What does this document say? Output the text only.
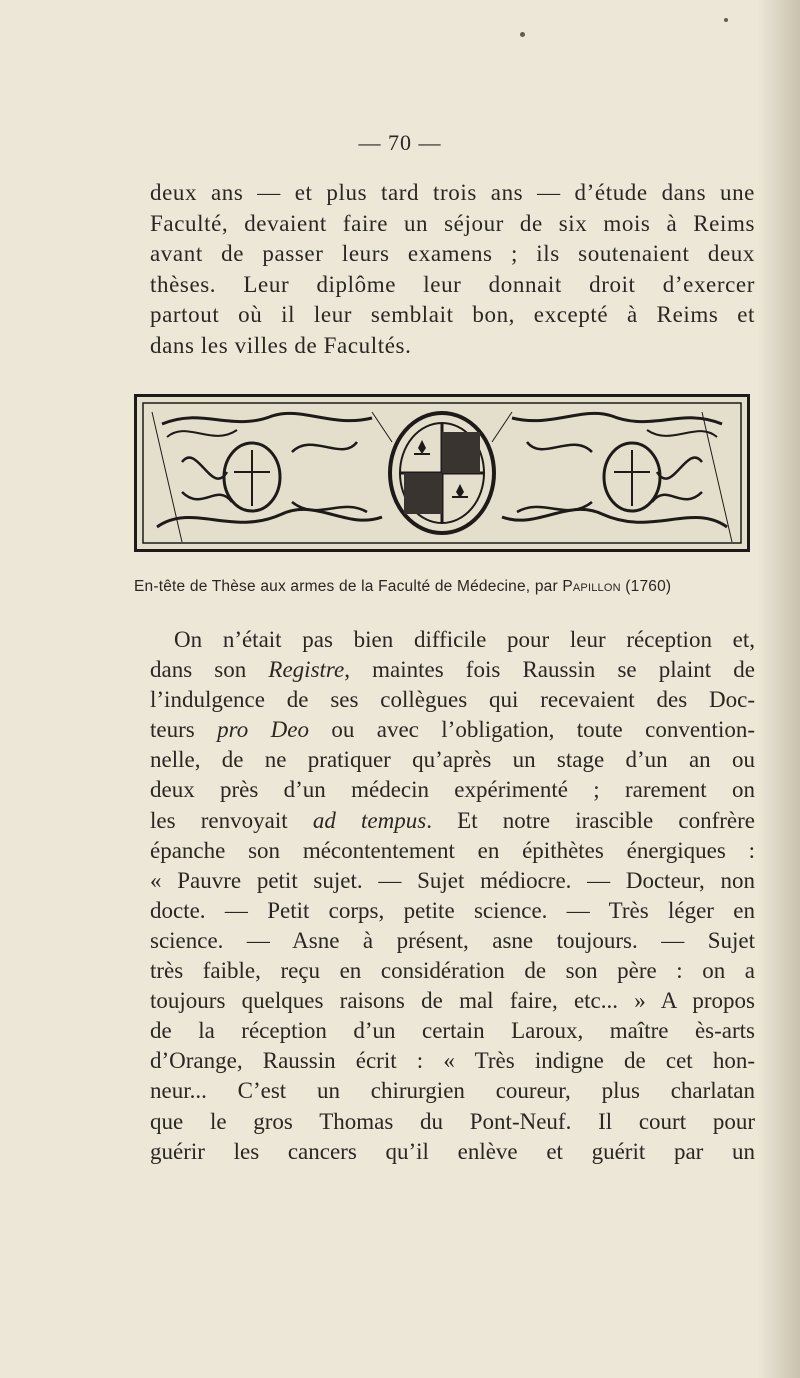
— 70 —
deux ans — et plus tard trois ans — d’étude dans une
Faculté, devaient faire un séjour de six mois à Reims
avant de passer leurs examens ; ils soutenaient deux
thèses. Leur diplôme leur donnait droit d’exercer
partout où il leur semblait bon, excepté à Reims et
dans les villes de Facultés.
En-tête de Thèse aux armes de la Faculté de Médecine, par Papillon (1760)
On n’était pas bien difficile pour leur réception et,
dans son Registre, maintes fois Raussin se plaint de
l’indulgence de ses collègues qui recevaient des Doc-
teurs pro Deo ou avec l’obligation, toute convention-
nelle, de ne pratiquer qu’après un stage d’un an ou
deux près d’un médecin expérimenté ; rarement on
les renvoyait ad tempus. Et notre irascible confrère
épanche son mécontentement en épithètes énergiques :
« Pauvre petit sujet. — Sujet médiocre. — Docteur, non
docte. — Petit corps, petite science. — Très léger en
science. — Asne à présent, asne toujours. — Sujet
très faible, reçu en considération de son père : on a
toujours quelques raisons de mal faire, etc... » A propos
de la réception d’un certain Laroux, maître ès-arts
d’Orange, Raussin écrit : « Très indigne de cet hon-
neur... C’est un chirurgien coureur, plus charlatan
que le gros Thomas du Pont-Neuf. Il court pour
guérir les cancers qu’il enlève et guérit par un
